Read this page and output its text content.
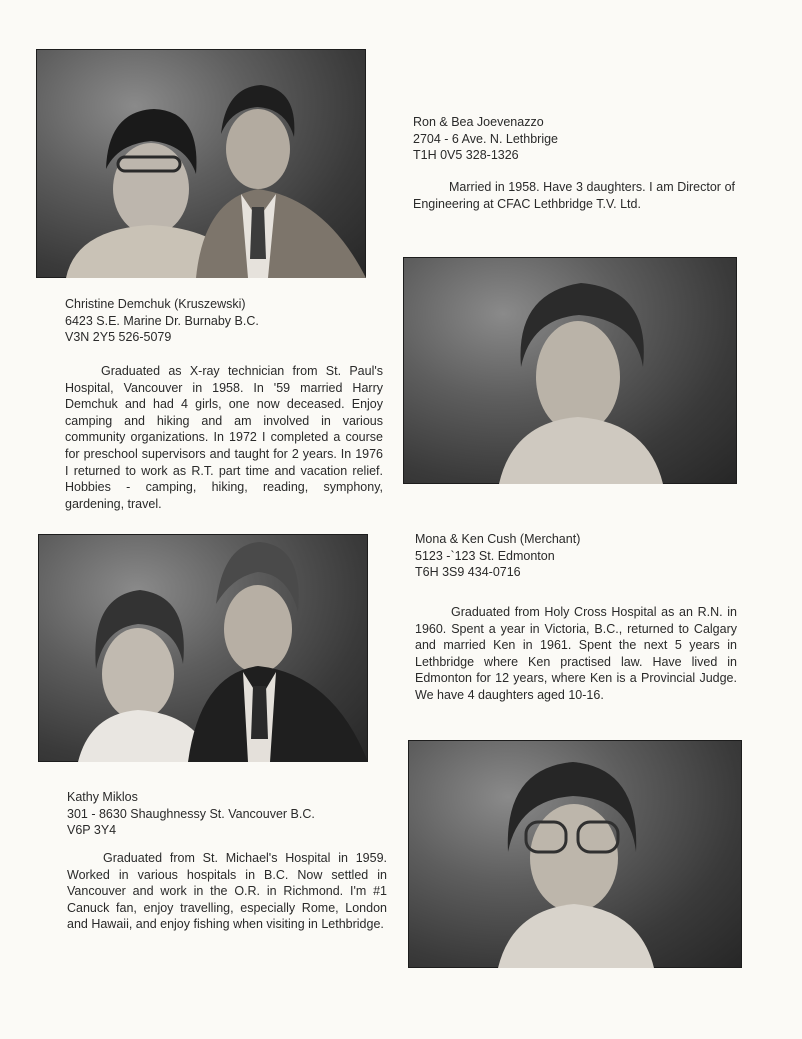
Christine Demchuk (Kruszewski)
6423 S.E. Marine Dr. Burnaby B.C.
V3N 2Y5 526-5079

Graduated as X-ray technician from St. Paul's Hospital, Vancouver in 1958. In '59 married Harry Demchuk and had 4 girls, one now deceased. Enjoy camping and hiking and am involved in various community organizations. In 1972 I completed a course for preschool supervisors and taught for 2 years. In 1976 I returned to work as R.T. part time and vacation relief. Hobbies - camping, hiking, reading, symphony, gardening, travel.

Ron & Bea Joevenazzo
2704 - 6 Ave. N. Lethbrige
T1H 0V5 328-1326

Married in 1958. Have 3 daughters. I am Director of Engineering at CFAC Lethbridge T.V. Ltd.

Mona & Ken Cush (Merchant)
5123 -`123 St. Edmonton
T6H 3S9 434-0716

Graduated from Holy Cross Hospital as an R.N. in 1960. Spent a year in Victoria, B.C., returned to Calgary and married Ken in 1961. Spent the next 5 years in Lethbridge where Ken practised law. Have lived in Edmonton for 12 years, where Ken is a Provincial Judge. We have 4 daughters aged 10-16.

Kathy Miklos
301 - 8630 Shaughnessy St. Vancouver B.C.
V6P 3Y4

Graduated from St. Michael's Hospital in 1959. Worked in various hospitals in B.C. Now settled in Vancouver and work in the O.R. in Richmond. I'm #1 Canuck fan, enjoy travelling, especially Rome, London and Hawaii, and enjoy fishing when visiting in Lethbridge.
